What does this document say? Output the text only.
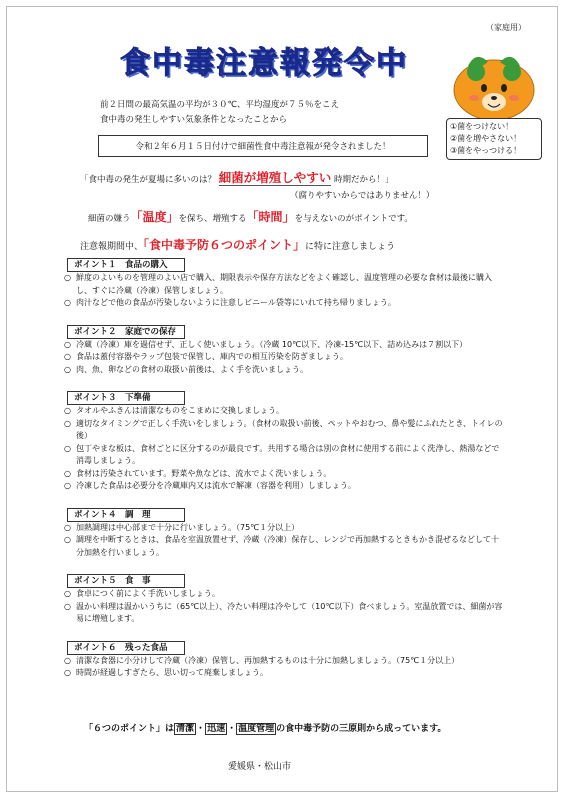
（家庭用）
食中毒注意報発令中
①菌をつけない！
②菌を増やさない！
③菌をやっつける！
前２日間の最高気温の平均が３０℃、平均湿度が７５％をこえ
食中毒の発生しやすい気象条件となったことから
令和２年６月１５日付けで細菌性食中毒注意報が発令されました！
「食中毒の発生が夏場に多いのは？ 細菌が増殖しやすい 時期だから！」
（腐りやすいからではありません！）
細菌の嫌う「温度」を保ち、増殖する「時間」を与えないのがポイントです。
注意報期間中、「食中毒予防６つのポイント」に特に注意しましょう
ポイント１　食品の購入
○ 鮮度のよいものを管理のよい店で購入、期限表示や保存方法などをよく確認し、温度管理の必要な食材は最後に購入し、すぐに冷蔵（冷凍）保管しましょう。
○ 肉汁などで他の食品が汚染しないように注意しビニール袋等にいれて持ち帰りましょう。
ポイント２　家庭での保存
○ 冷蔵（冷凍）庫を過信せず、正しく使いましょう。（冷蔵 10℃以下、冷凍-15℃以下、詰め込みは７割以下）
○ 食品は蓋付容器やラップ包装で保管し、庫内での相互汚染を防ぎましょう。
○ 肉、魚、卵などの食材の取扱い前後は、よく手を洗いましょう。
ポイント３　下準備
○ タオルやふきんは清潔なものをこまめに交換しましょう。
○ 適切なタイミングで正しく手洗いをしましょう。（食材の取扱い前後、ペットやおむつ、鼻や髪にふれたとき、トイレの後）
○ 包丁やまな板は、食材ごとに区分するのが最良です。共用する場合は別の食材に使用する前によく洗浄し、熱湯などで消毒しましょう。
○ 食材は汚染されています。野菜や魚などは、流水でよく洗いましょう。
○ 冷凍した食品は必要分を冷蔵庫内又は流水で解凍（容器を利用）しましょう。
ポイント４　調　理
○ 加熱調理は中心部まで十分に行いましょう。（75℃１分以上）
○ 調理を中断するときは、食品を室温放置せず、冷蔵（冷凍）保存し、レンジで再加熱するときもかき混ぜるなどして十分加熱を行いましょう。
ポイント５　食　事
○ 食卓につく前によく手洗いしましょう。
○ 温かい料理は温かいうちに（65℃以上）、冷たい料理は冷やして（10℃以下）食べましょう。室温放置では、細菌が容易に増殖します。
ポイント６　残った食品
○ 清潔な食器に小分けして冷蔵（冷凍）保管し、再加熱するものは十分に加熱しましょう。（75℃１分以上）
○ 時間が経過しすぎたら、思い切って廃棄しましょう。
「６つのポイント」は 清潔 ・ 迅速 ・ 温度管理 の食中毒予防の三原則から成っています。
愛媛県・松山市
